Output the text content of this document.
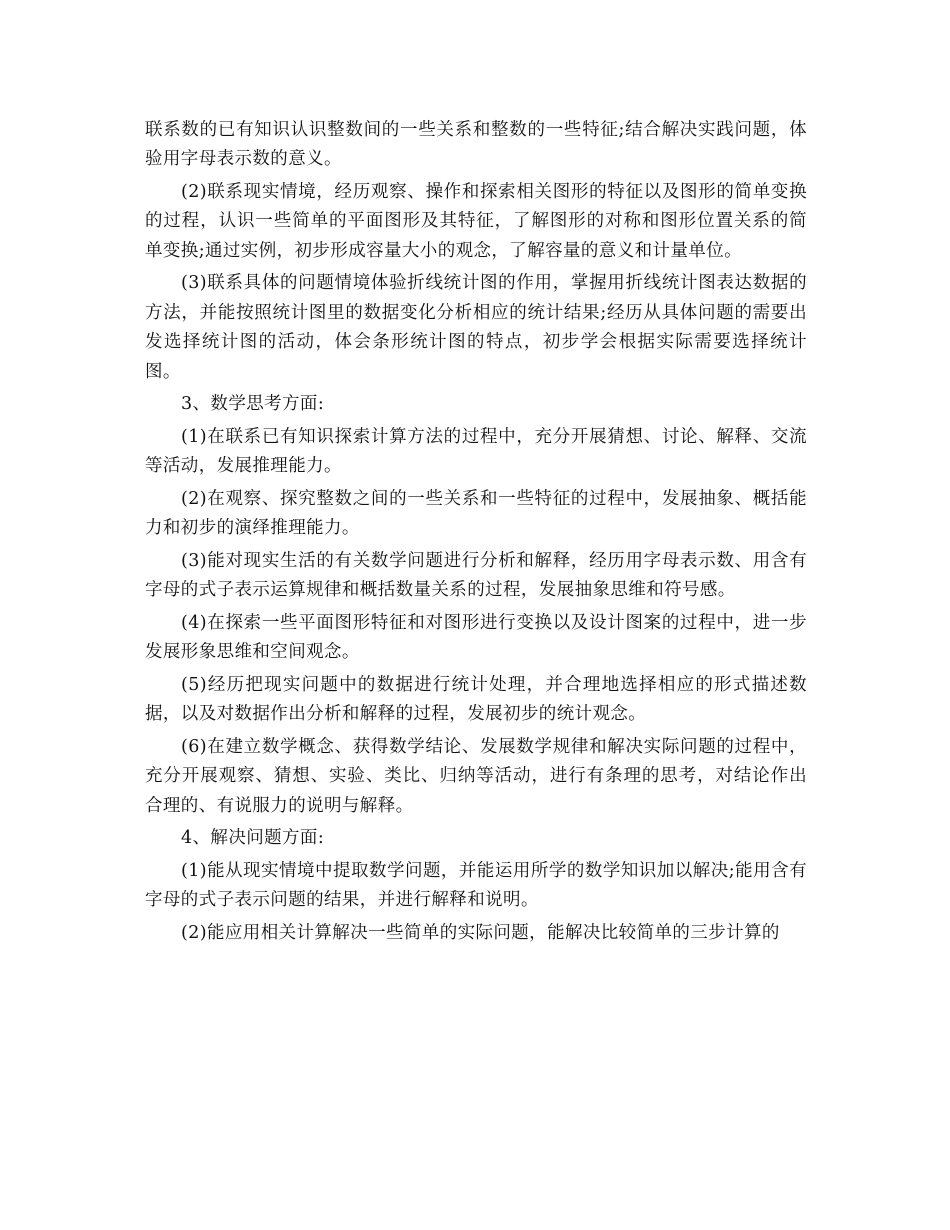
联系数的已有知识认识整数间的一些关系和整数的一些特征;结合解决实践问题，体验用字母表示数的意义。

(2)联系现实情境，经历观察、操作和探索相关图形的特征以及图形的简单变换的过程，认识一些简单的平面图形及其特征，了解图形的对称和图形位置关系的简单变换;通过实例，初步形成容量大小的观念，了解容量的意义和计量单位。

(3)联系具体的问题情境体验折线统计图的作用，掌握用折线统计图表达数据的方法，并能按照统计图里的数据变化分析相应的统计结果;经历从具体问题的需要出发选择统计图的活动，体会条形统计图的特点，初步学会根据实际需要选择统计图。

3、数学思考方面:

(1)在联系已有知识探索计算方法的过程中，充分开展猜想、讨论、解释、交流等活动，发展推理能力。

(2)在观察、探究整数之间的一些关系和一些特征的过程中，发展抽象、概括能力和初步的演绎推理能力。

(3)能对现实生活的有关数学问题进行分析和解释，经历用字母表示数、用含有字母的式子表示运算规律和概括数量关系的过程，发展抽象思维和符号感。

(4)在探索一些平面图形特征和对图形进行变换以及设计图案的过程中，进一步发展形象思维和空间观念。

(5)经历把现实问题中的数据进行统计处理，并合理地选择相应的形式描述数据，以及对数据作出分析和解释的过程，发展初步的统计观念。

(6)在建立数学概念、获得数学结论、发展数学规律和解决实际问题的过程中，充分开展观察、猜想、实验、类比、归纳等活动，进行有条理的思考，对结论作出合理的、有说服力的说明与解释。

4、解决问题方面:

(1)能从现实情境中提取数学问题，并能运用所学的数学知识加以解决;能用含有字母的式子表示问题的结果，并进行解释和说明。

(2)能应用相关计算解决一些简单的实际问题，能解决比较简单的三步计算的
